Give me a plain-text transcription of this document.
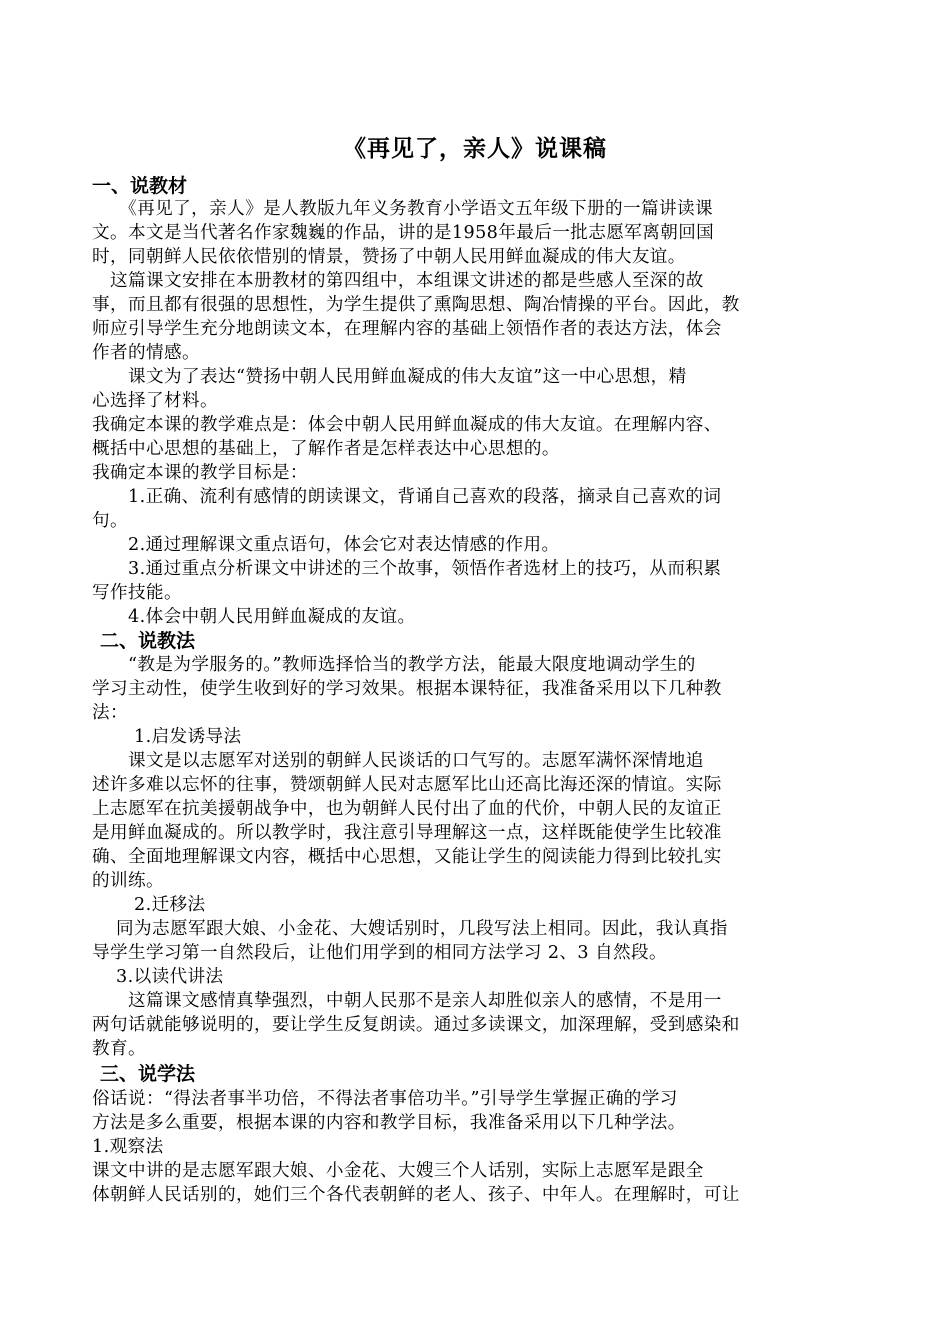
《再见了，亲人》说课稿
一、说教材
　　《再见了，亲人》是人教版九年义务教育小学语文五年级下册的一篇讲读课
文。本文是当代著名作家魏巍的作品，讲的是1958年最后一批志愿军离朝回国
时，同朝鲜人民依依惜别的情景，赞扬了中朝人民用鲜血凝成的伟大友谊。
　这篇课文安排在本册教材的第四组中，本组课文讲述的都是些感人至深的故
事，而且都有很强的思想性，为学生提供了熏陶思想、陶冶情操的平台。因此，教
师应引导学生充分地朗读文本，在理解内容的基础上领悟作者的表达方法，体会
作者的情感。
　　课文为了表达“赞扬中朝人民用鲜血凝成的伟大友谊”这一中心思想，精
心选择了材料。
我确定本课的教学难点是：体会中朝人民用鲜血凝成的伟大友谊。在理解内容、
概括中心思想的基础上，了解作者是怎样表达中心思想的。
我确定本课的教学目标是：
　　1.正确、流利有感情的朗读课文，背诵自己喜欢的段落，摘录自己喜欢的词
句。
　　2.通过理解课文重点语句，体会它对表达情感的作用。
　　3.通过重点分析课文中讲述的三个故事，领悟作者选材上的技巧，从而积累
写作技能。
　　4.体会中朝人民用鲜血凝成的友谊。
二、说教法
　　“教是为学服务的。”教师选择恰当的教学方法，能最大限度地调动学生的
学习主动性，使学生收到好的学习效果。根据本课特征，我准备采用以下几种教
法：
　　 1.启发诱导法
　　课文是以志愿军对送别的朝鲜人民谈话的口气写的。志愿军满怀深情地追
述许多难以忘怀的往事，赞颂朝鲜人民对志愿军比山还高比海还深的情谊。实际
上志愿军在抗美援朝战争中，也为朝鲜人民付出了血的代价，中朝人民的友谊正
是用鲜血凝成的。所以教学时，我注意引导理解这一点，这样既能使学生比较准
确、全面地理解课文内容，概括中心思想，又能让学生的阅读能力得到比较扎实
的训练。
　　 2.迁移法
　 同为志愿军跟大娘、小金花、大嫂话别时，几段写法上相同。因此，我认真指
导学生学习第一自然段后，让他们用学到的相同方法学习 2、3 自然段。
　 3.以读代讲法
　　这篇课文感情真挚强烈，中朝人民那不是亲人却胜似亲人的感情，不是用一
两句话就能够说明的，要让学生反复朗读。通过多读课文，加深理解，受到感染和
教育。
三、说学法
俗话说：“得法者事半功倍，不得法者事倍功半。”引导学生掌握正确的学习
方法是多么重要，根据本课的内容和教学目标，我准备采用以下几种学法。
1.观察法
课文中讲的是志愿军跟大娘、小金花、大嫂三个人话别，实际上志愿军是跟全
体朝鲜人民话别的，她们三个各代表朝鲜的老人、孩子、中年人。在理解时，可让
